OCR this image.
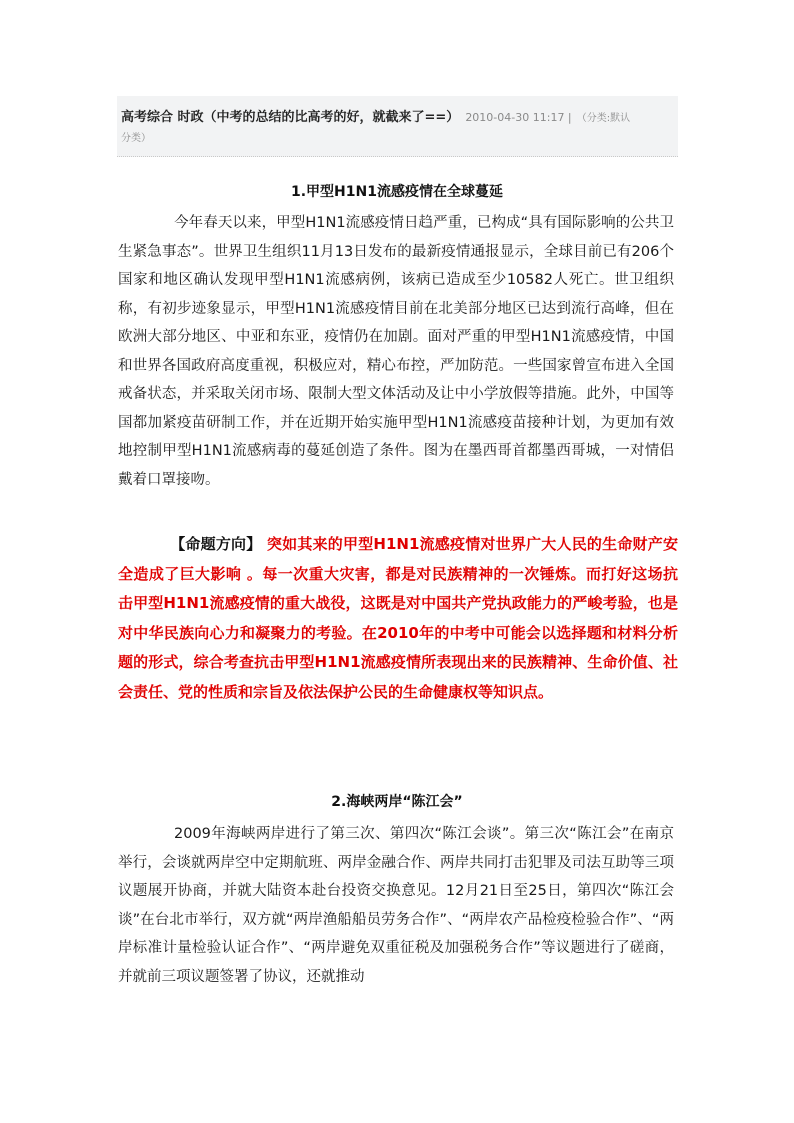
高考综合 时政（中考的总结的比高考的好，就截来了==） 2010-04-30 11:17 | （分类:默认
分类）
1.甲型H1N1流感疫情在全球蔓延
今年春天以来，甲型H1N1流感疫情日趋严重，已构成“具有国际影响的公共卫生紧急事态”。世界卫生组织11月13日发布的最新疫情通报显示，全球目前已有206个国家和地区确认发现甲型H1N1流感病例，该病已造成至少10582人死亡。世卫组织称，有初步迹象显示，甲型H1N1流感疫情目前在北美部分地区已达到流行高峰，但在欧洲大部分地区、中亚和东亚，疫情仍在加剧。面对严重的甲型H1N1流感疫情，中国和世界各国政府高度重视，积极应对，精心布控，严加防范。一些国家曾宣布进入全国戒备状态，并采取关闭市场、限制大型文体活动及让中小学放假等措施。此外，中国等国都加紧疫苗研制工作，并在近期开始实施甲型H1N1流感疫苗接种计划，为更加有效地控制甲型H1N1流感病毒的蔓延创造了条件。图为在墨西哥首都墨西哥城，一对情侣戴着口罩接吻。
【命题方向】 突如其来的甲型H1N1流感疫情对世界广大人民的生命财产安全造成了巨大影响 。每一次重大灾害，都是对民族精神的一次锤炼。而打好这场抗击甲型H1N1流感疫情的重大战役，这既是对中国共产党执政能力的严峻考验，也是对中华民族向心力和凝聚力的考验。在2010年的中考中可能会以选择题和材料分析题的形式，综合考查抗击甲型H1N1流感疫情所表现出来的民族精神、生命价值、社会责任、党的性质和宗旨及依法保护公民的生命健康权等知识点。
2.海峡两岸“陈江会”
2009年海峡两岸进行了第三次、第四次“陈江会谈”。第三次“陈江会”在南京举行，会谈就两岸空中定期航班、两岸金融合作、两岸共同打击犯罪及司法互助等三项议题展开协商，并就大陆资本赴台投资交换意见。12月21日至25日，第四次“陈江会谈”在台北市举行，双方就“两岸渔船船员劳务合作”、“两岸农产品检疫检验合作”、“两岸标准计量检验认证合作”、“两岸避免双重征税及加强税务合作”等议题进行了磋商，并就前三项议题签署了协议，还就推动
